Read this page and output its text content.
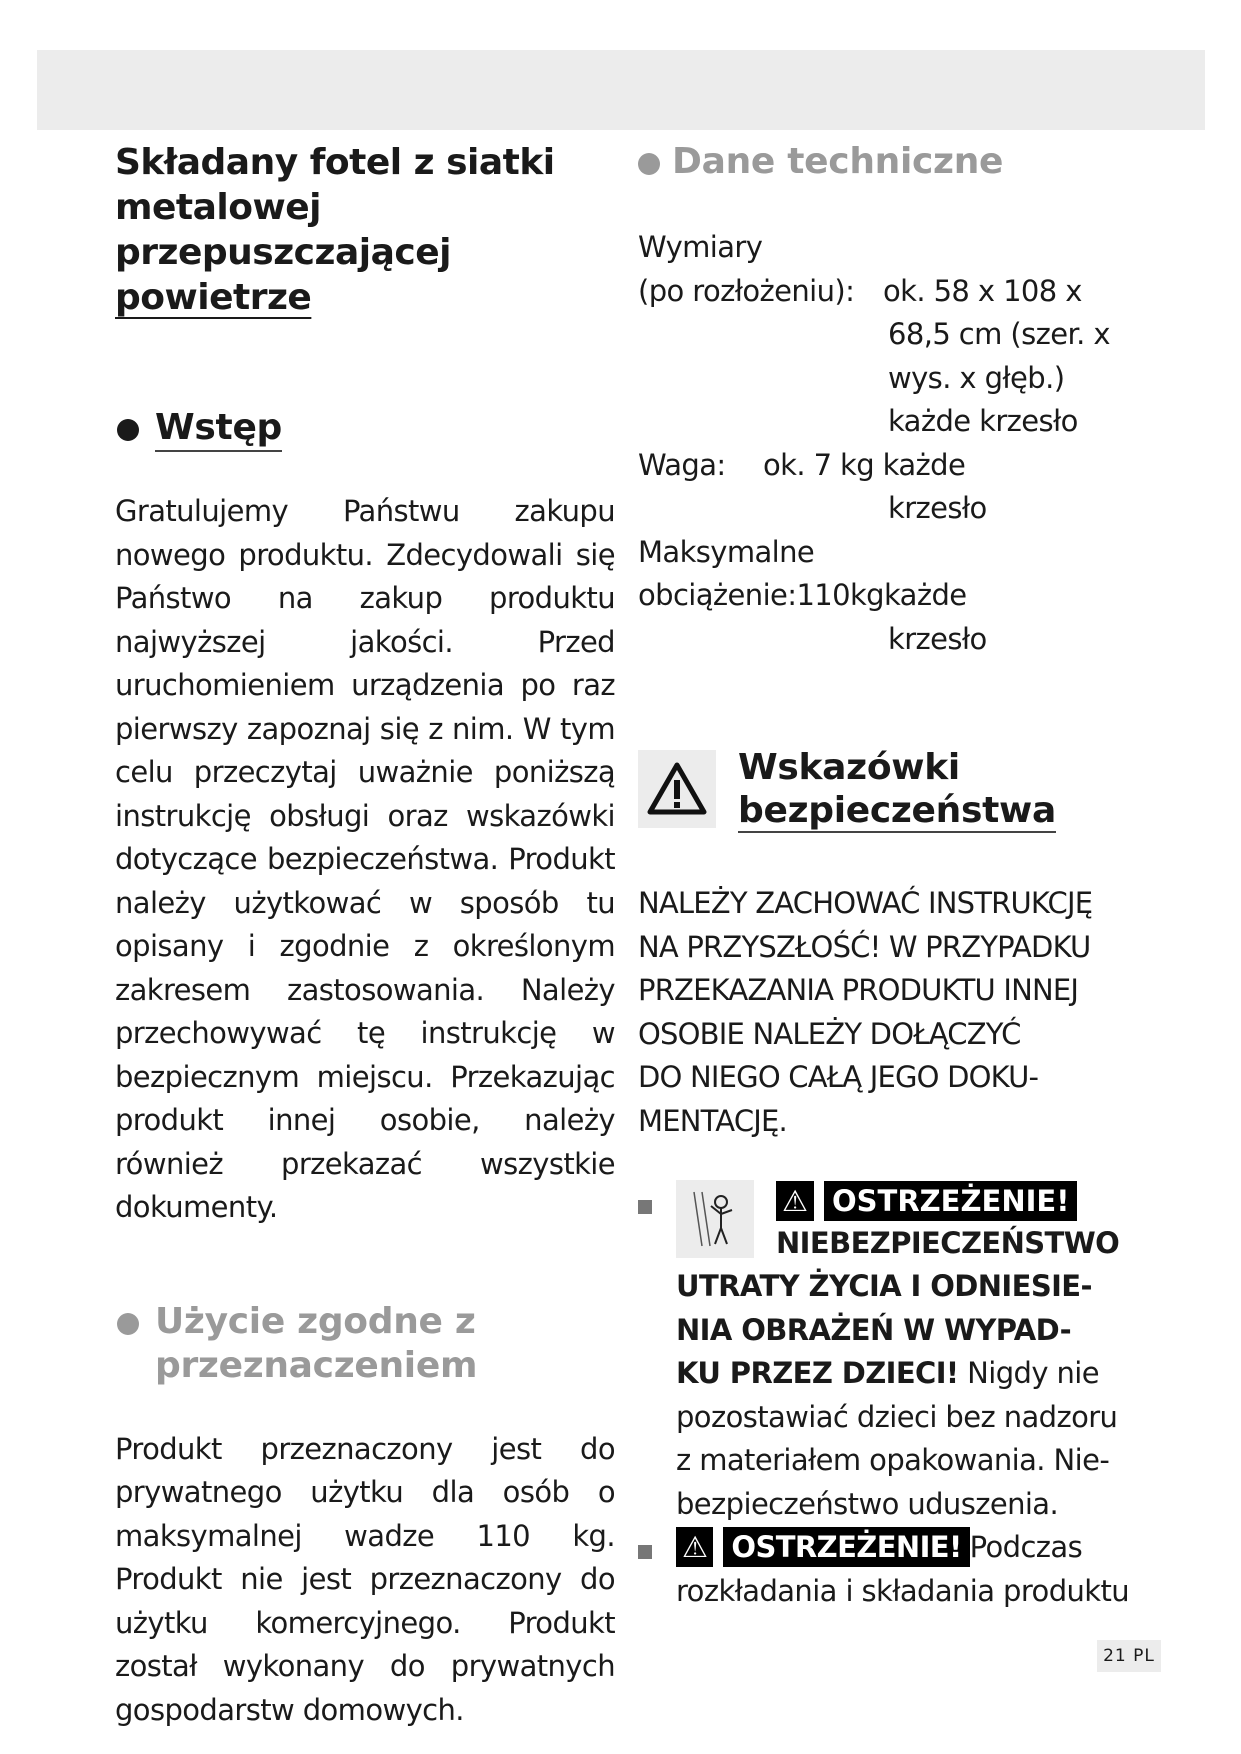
Składany fotel z siatki
metalowej przepuszczającej
powietrze
Wstęp

Gratulujemy Państwu zakupu nowego produktu. Zdecydowali się Państwo na zakup produktu najwyższej jakości. Przed uruchomieniem urządzenia po raz pierwszy zapoznaj się z nim. W tym celu przeczytaj uważnie poniższą instrukcję obsługi oraz wskazówki dotyczące bezpieczeństwa. Produkt należy użytkować w sposób tu opisany i zgodnie z określonym zakresem zastosowania. Należy przechowywać tę instrukcję w bezpiecznym miejscu. Przekazując produkt innej osobie, należy również przekazać wszystkie dokumenty.

Użycie zgodne z
przeznaczeniem

Produkt przeznaczony jest do prywatnego użytku dla osób o maksymalnej wadze 110 kg. Produkt nie jest przeznaczony do użytku komercyjnego. Produkt został wykonany do prywatnych gospodarstw domowych.

Dane techniczne
Wymiary
(po rozłożeniu): ok. 58 x 108 x
68,5 cm (szer. x
wys. x głęb.)
każde krzesło
Waga: ok. 7 kg każde
krzesło
Maksymalne
obciążenie:110kgkażde
krzesło
Wskazówki
bezpieczeństwa
NALEŻY ZACHOWAĆ INSTRUKCJĘ
NA PRZYSZŁOŚĆ! W PRZYPADKU
PRZEKAZANIA PRODUKTU INNEJ
OSOBIE NALEŻY DOŁĄCZYĆ
DO NIEGO CAŁĄ JEGO DOKU-
MENTACJĘ.
⚠ OSTRZEŻENIE!
NIEBEZPIECZEŃSTWO
UTRATY ŻYCIA I ODNIESIE-
NIA OBRAŻEŃ W WYPAD-
KU PRZEZ DZIECI! Nigdy nie
pozostawiać dzieci bez nadzoru
z materiałem opakowania. Nie-
bezpieczeństwo uduszenia.
⚠ OSTRZEŻENIE! Podczas
rozkładania i składania produktu
21 PL
